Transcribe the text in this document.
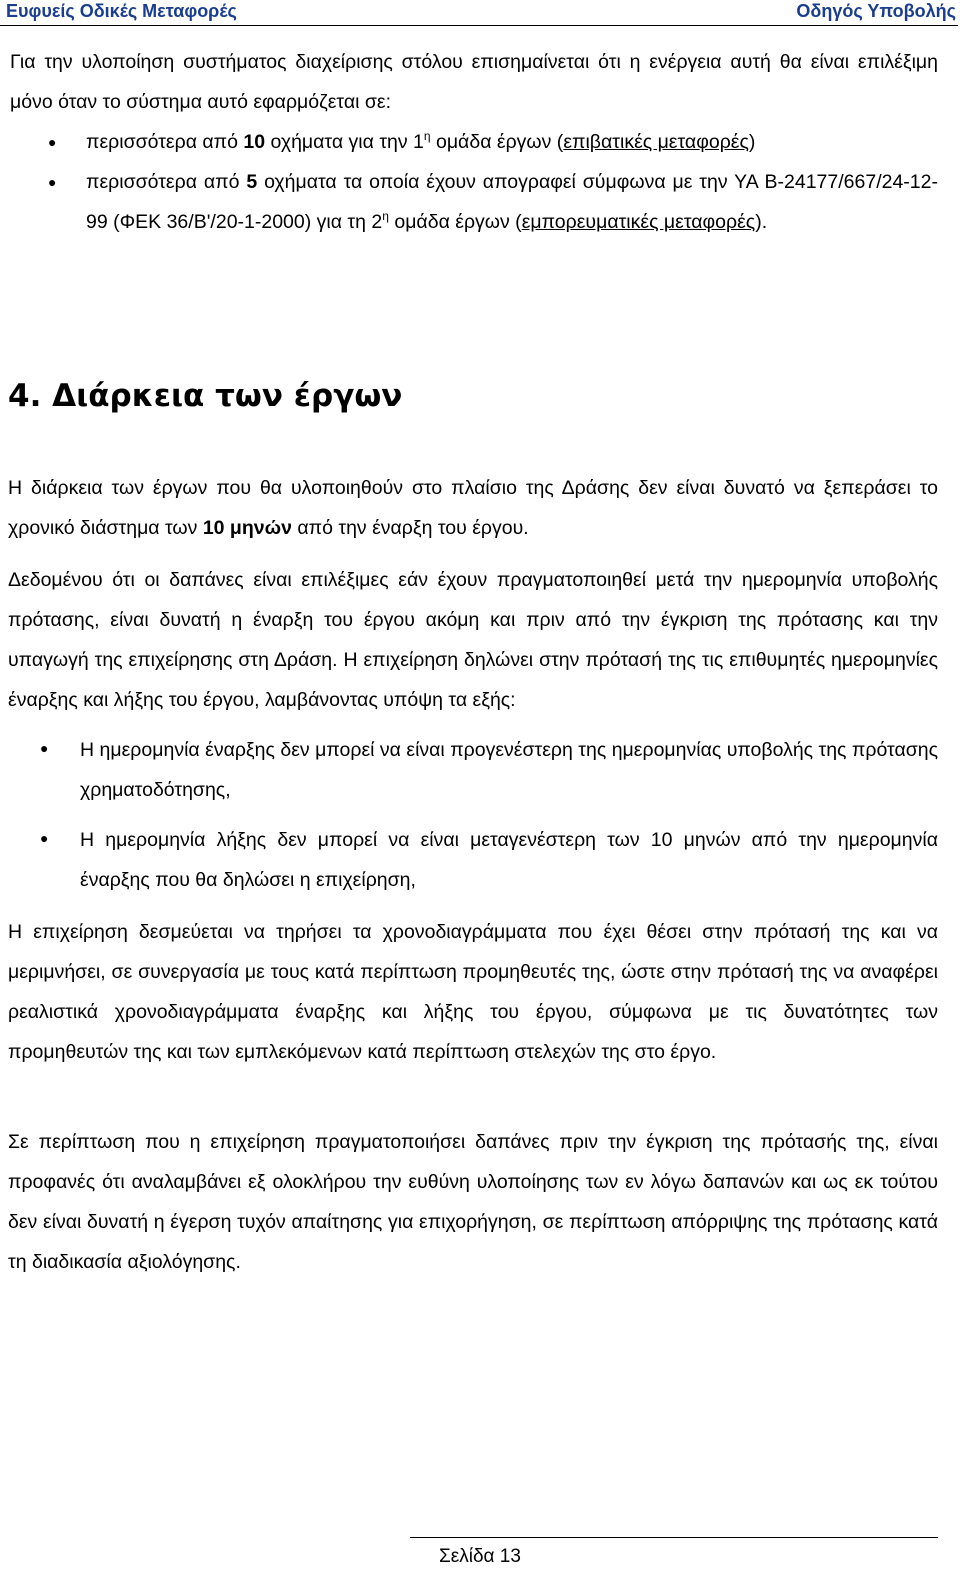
Ευφυείς Οδικές Μεταφορές	Οδηγός Υποβολής
Για την υλοποίηση συστήματος διαχείρισης στόλου επισημαίνεται ότι η ενέργεια αυτή θα είναι επιλέξιμη μόνο όταν το σύστημα αυτό εφαρμόζεται σε:
● περισσότερα από 10 οχήματα για την $1^\eta$ ομάδα έργων (επιβατικές μεταφορές)
● περισσότερα από 5 οχήματα τα οποία έχουν απογραφεί σύμφωνα με την ΥΑ Β-24177/667/24-12-99 (ΦΕΚ 36/Β'/20-1-2000) για τη $2^\eta$ ομάδα έργων (εμπορευματικές μεταφορές).
4. Διάρκεια των έργων
Η διάρκεια των έργων που θα υλοποιηθούν στο πλαίσιο της Δράσης δεν είναι δυνατό να ξεπεράσει το χρονικό διάστημα των 10 μηνών από την έναρξη του έργου.
Δεδομένου ότι οι δαπάνες είναι επιλέξιμες εάν έχουν πραγματοποιηθεί μετά την ημερομηνία υποβολής πρότασης, είναι δυνατή η έναρξη του έργου ακόμη και πριν από την έγκριση της πρότασης και την υπαγωγή της επιχείρησης στη Δράση. Η επιχείρηση δηλώνει στην πρότασή της τις επιθυμητές ημερομηνίες έναρξης και λήξης του έργου, λαμβάνοντας υπόψη τα εξής:
● Η ημερομηνία έναρξης δεν μπορεί να είναι προγενέστερη της ημερομηνίας υποβολής της πρότασης χρηματοδότησης,
● Η ημερομηνία λήξης δεν μπορεί να είναι μεταγενέστερη των 10 μηνών από την ημερομηνία έναρξης που θα δηλώσει η επιχείρηση,
Η επιχείρηση δεσμεύεται να τηρήσει τα χρονοδιαγράμματα που έχει θέσει στην πρότασή της και να μεριμνήσει, σε συνεργασία με τους κατά περίπτωση προμηθευτές της, ώστε στην πρότασή της να αναφέρει ρεαλιστικά χρονοδιαγράμματα έναρξης και λήξης του έργου, σύμφωνα με τις δυνατότητες των προμηθευτών της και των εμπλεκόμενων κατά περίπτωση στελεχών της στο έργο.
Σε περίπτωση που η επιχείρηση πραγματοποιήσει δαπάνες πριν την έγκριση της πρότασής της, είναι προφανές ότι αναλαμβάνει εξ ολοκλήρου την ευθύνη υλοποίησης των εν λόγω δαπανών και ως εκ τούτου δεν είναι δυνατή η έγερση τυχόν απαίτησης για επιχορήγηση, σε περίπτωση απόρριψης της πρότασης κατά τη διαδικασία αξιολόγησης.
Σελίδα 13
